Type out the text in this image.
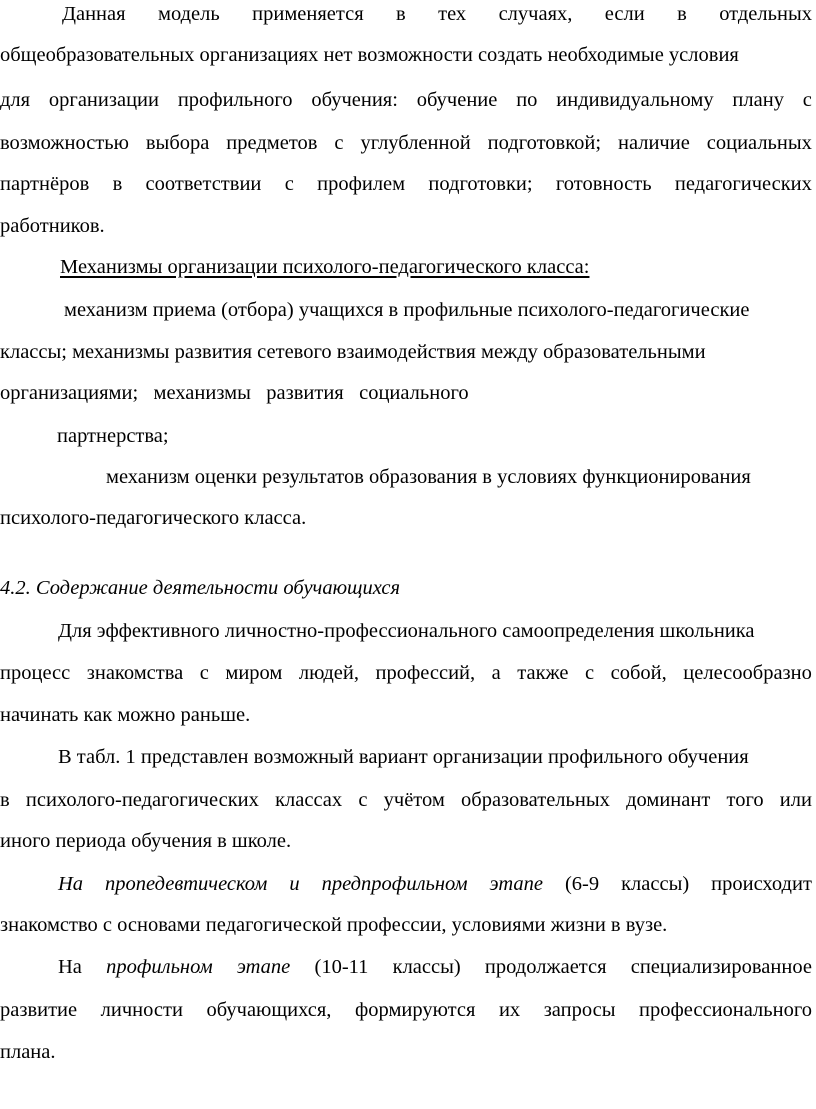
Данная модель применяется в тех случаях, если в отдельных
общеобразовательных организациях нет возможности создать необходимые условия
для организации профильного обучения: обучение по индивидуальному плану с
возможностью выбора предметов с углубленной подготовкой; наличие социальных
партнёров в соответствии с профилем подготовки; готовность педагогических
работников.
Механизмы организации психолого-педагогического класса:
механизм приема (отбора) учащихся в профильные психолого-педагогические
классы; механизмы развития сетевого взаимодействия между образовательными
организациями;   механизмы   развития   социального
партнерства;
механизм оценки результатов образования в условиях функционирования
психолого-педагогического класса.
4.2. Содержание деятельности обучающихся
Для эффективного личностно-профессионального самоопределения школьника
процесс знакомства с миром людей, профессий, а также с собой, целесообразно
начинать как можно раньше.
В табл. 1 представлен возможный вариант организации профильного обучения
в психолого-педагогических классах с учётом образовательных доминант того или
иного периода обучения в школе.
На пропедевтическом и предпрофильном этапе (6-9 классы) происходит
знакомство с основами педагогической профессии, условиями жизни в вузе.
На профильном этапе (10-11 классы) продолжается специализированное
развитие личности обучающихся, формируются их запросы профессионального
плана.
